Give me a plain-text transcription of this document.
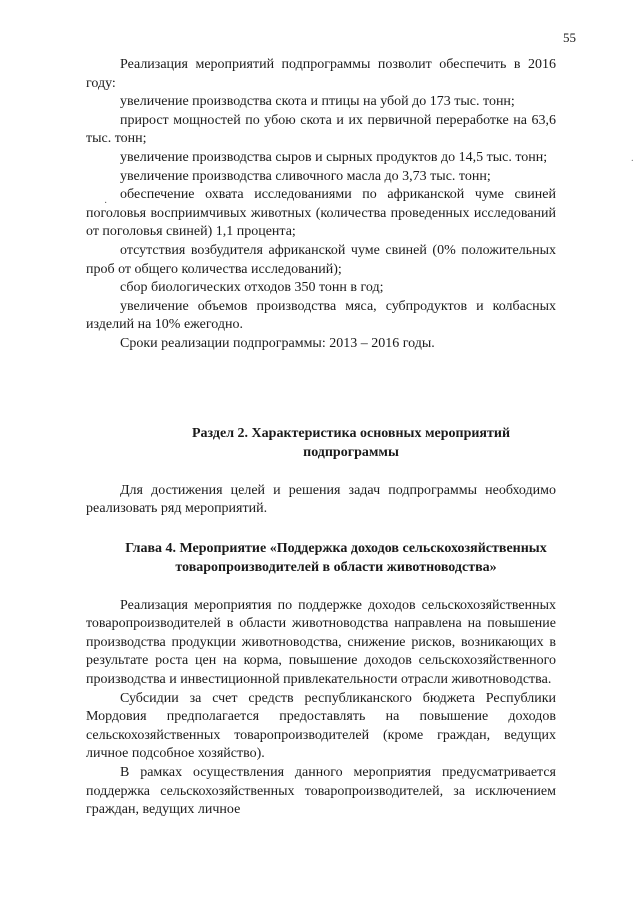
55
·
·

Реализация мероприятий подпрограммы позволит обеспечить в 2016 году:

увеличение производства скота и птицы на убой до 173 тыс. тонн;

прирост мощностей по убою скота и их первичной переработке на 63,6 тыс. тонн;

увеличение производства сыров и сырных продуктов до 14,5 тыс. тонн;

увеличение производства сливочного масла до 3,73 тыс. тонн;

обеспечение охвата исследованиями по африканской чуме свиней поголовья восприимчивых животных (количества проведенных исследований от поголовья свиней) 1,1 процента;

отсутствия возбудителя африканской чуме свиней (0% положительных проб от общего количества исследований);

сбор биологических отходов 350 тонн в год;

увеличение объемов производства мяса, субпродуктов и колбасных изделий на 10% ежегодно.

Сроки реализации подпрограммы: 2013 – 2016 годы.

Раздел 2. Характеристика основных мероприятий подпрограммы

Для достижения целей и решения задач подпрограммы необходимо реализовать ряд мероприятий.

Глава 4. Мероприятие «Поддержка доходов сельскохозяйственных товаропроизводителей в области животноводства»

Реализация мероприятия по поддержке доходов сельскохозяйственных товаропроизводителей в области животноводства направлена на повышение производства продукции животноводства, снижение рисков, возникающих в результате роста цен на корма, повышение доходов сельскохозяйственного производства и инвестиционной привлекательности отрасли животноводства.

Субсидии за счет средств республиканского бюджета Республики Мордовия предполагается предоставлять на повышение доходов сельскохозяйственных товаропроизводителей (кроме граждан, ведущих личное подсобное хозяйство).

В рамках осуществления данного мероприятия предусматривается поддержка сельскохозяйственных товаропроизводителей, за исключением граждан, ведущих личное
